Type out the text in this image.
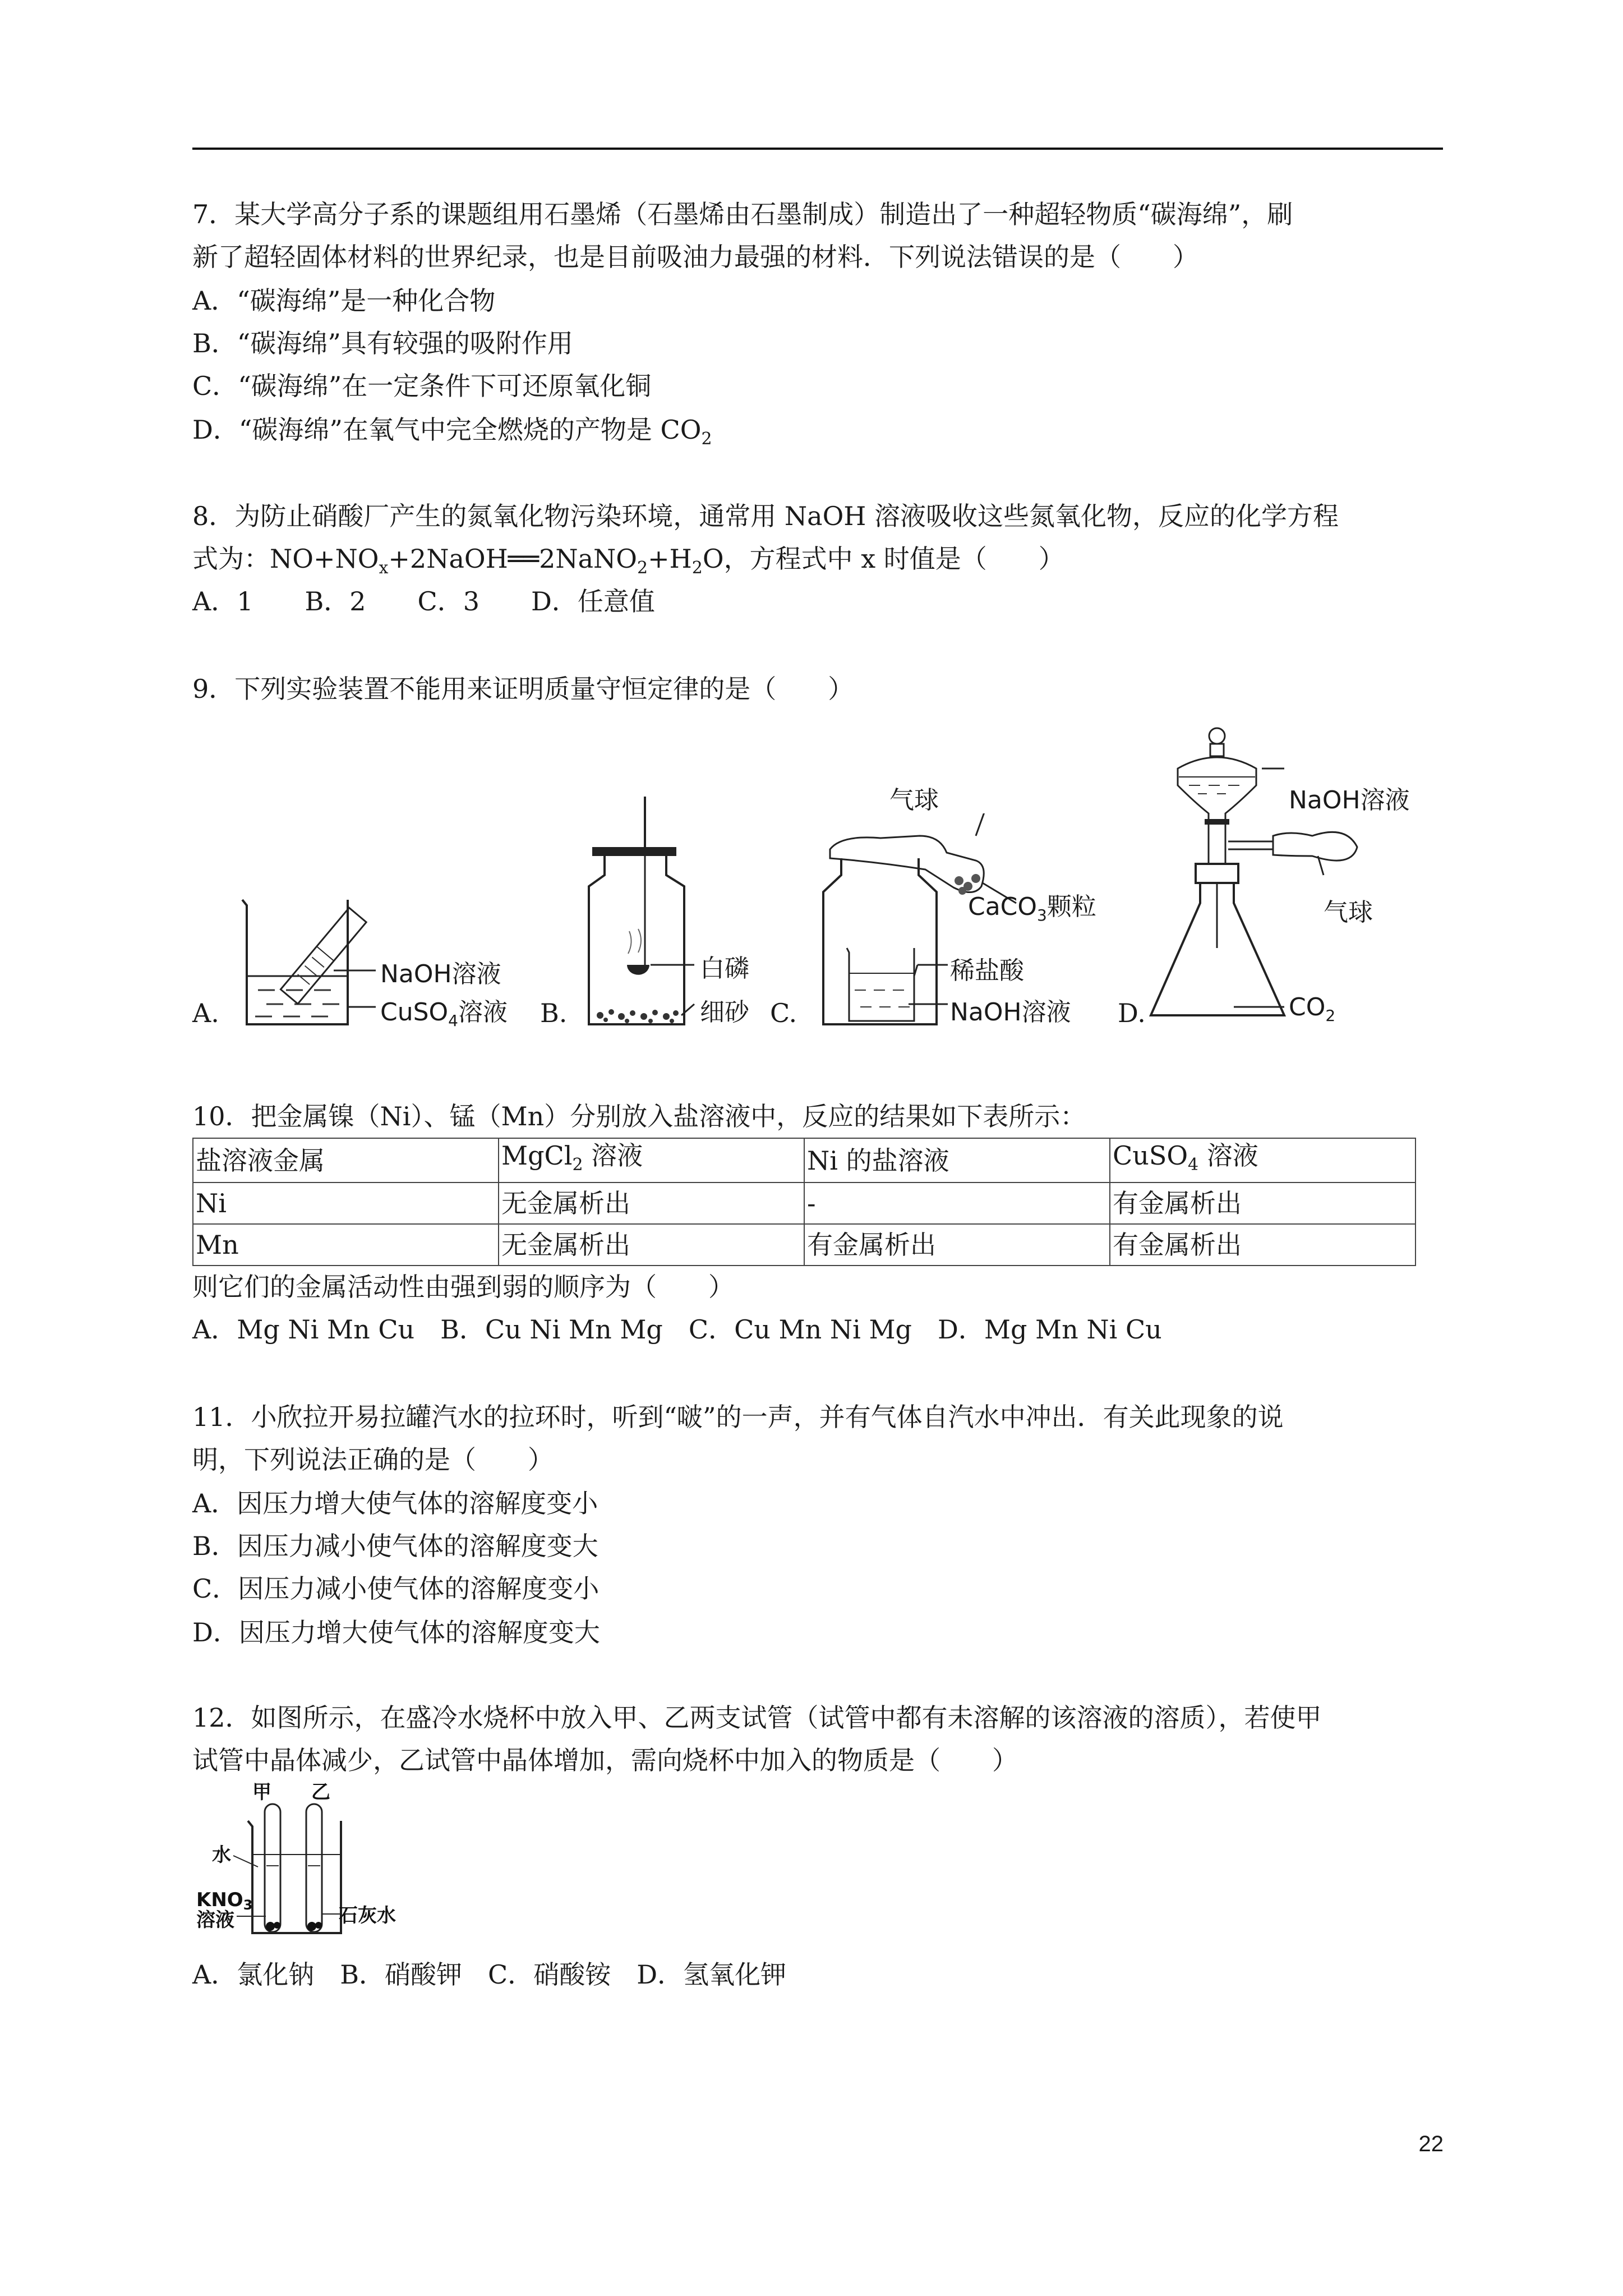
7．某大学高分子系的课题组用石墨烯（石墨烯由石墨制成）制造出了一种超轻物质“碳海绵”，刷
新了超轻固体材料的世界纪录，也是目前吸油力最强的材料．下列说法错误的是（　　）
A．“碳海绵”是一种化合物
B．“碳海绵”具有较强的吸附作用
C．“碳海绵”在一定条件下可还原氧化铜
D．“碳海绵”在氧气中完全燃烧的产物是 $CO_2$
8．为防止硝酸厂产生的氮氧化物污染环境，通常用 NaOH 溶液吸收这些氮氧化物，反应的化学方程
式为：$NO+NO_x+2NaOH══2NaNO_2+H_2O$，方程式中 x 时值是（　　）
A．1　　B．2　　C．3　　D．任意值
9．下列实验装置不能用来证明质量守恒定律的是（　　）
A.	B.	C.	D.
NaOH溶液
CuSO$_4$溶液
白磷
细砂
气球
CaCO$_3$颗粒
稀盐酸
NaOH溶液
NaOH溶液
气球
$CO_2$
10．把金属镍（Ni）、锰（Mn）分别放入盐溶液中，反应的结果如下表所示：
盐溶液金属	MgCl$_2$ 溶液	Ni 的盐溶液	CuSO$_4$ 溶液
Ni	无金属析出	-	有金属析出
Mn	无金属析出	有金属析出	有金属析出
则它们的金属活动性由强到弱的顺序为（　　）
A．Mg Ni Mn Cu　B．Cu Ni Mn Mg　C．Cu Mn Ni Mg　D．Mg Mn Ni Cu
11．小欣拉开易拉罐汽水的拉环时，听到“啵”的一声，并有气体自汽水中冲出．有关此现象的说
明，下列说法正确的是（　　）
A．因压力增大使气体的溶解度变小
B．因压力减小使气体的溶解度变大
C．因压力减小使气体的溶解度变小
D．因压力增大使气体的溶解度变大
12．如图所示，在盛冷水烧杯中放入甲、乙两支试管（试管中都有未溶解的该溶液的溶质），若使甲
试管中晶体减少，乙试管中晶体增加，需向烧杯中加入的物质是（　　）
甲 乙
水
KNO3
溶液	石灰水
A．氯化钠　B．硝酸钾　C．硝酸铵　D．氢氧化钾
22
